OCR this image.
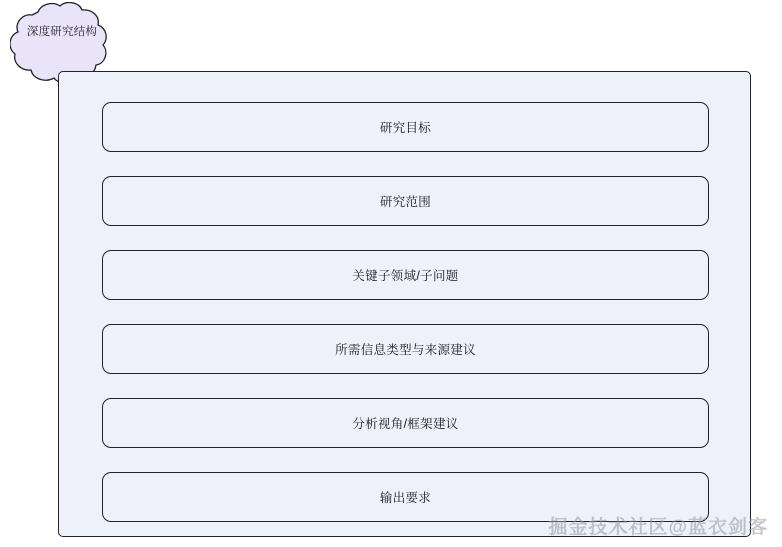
深度研究结构
研究目标
研究范围
关键子领域/子问题
所需信息类型与来源建议
分析视角/框架建议
输出要求
掘金技术社区@蓝衣剑客
